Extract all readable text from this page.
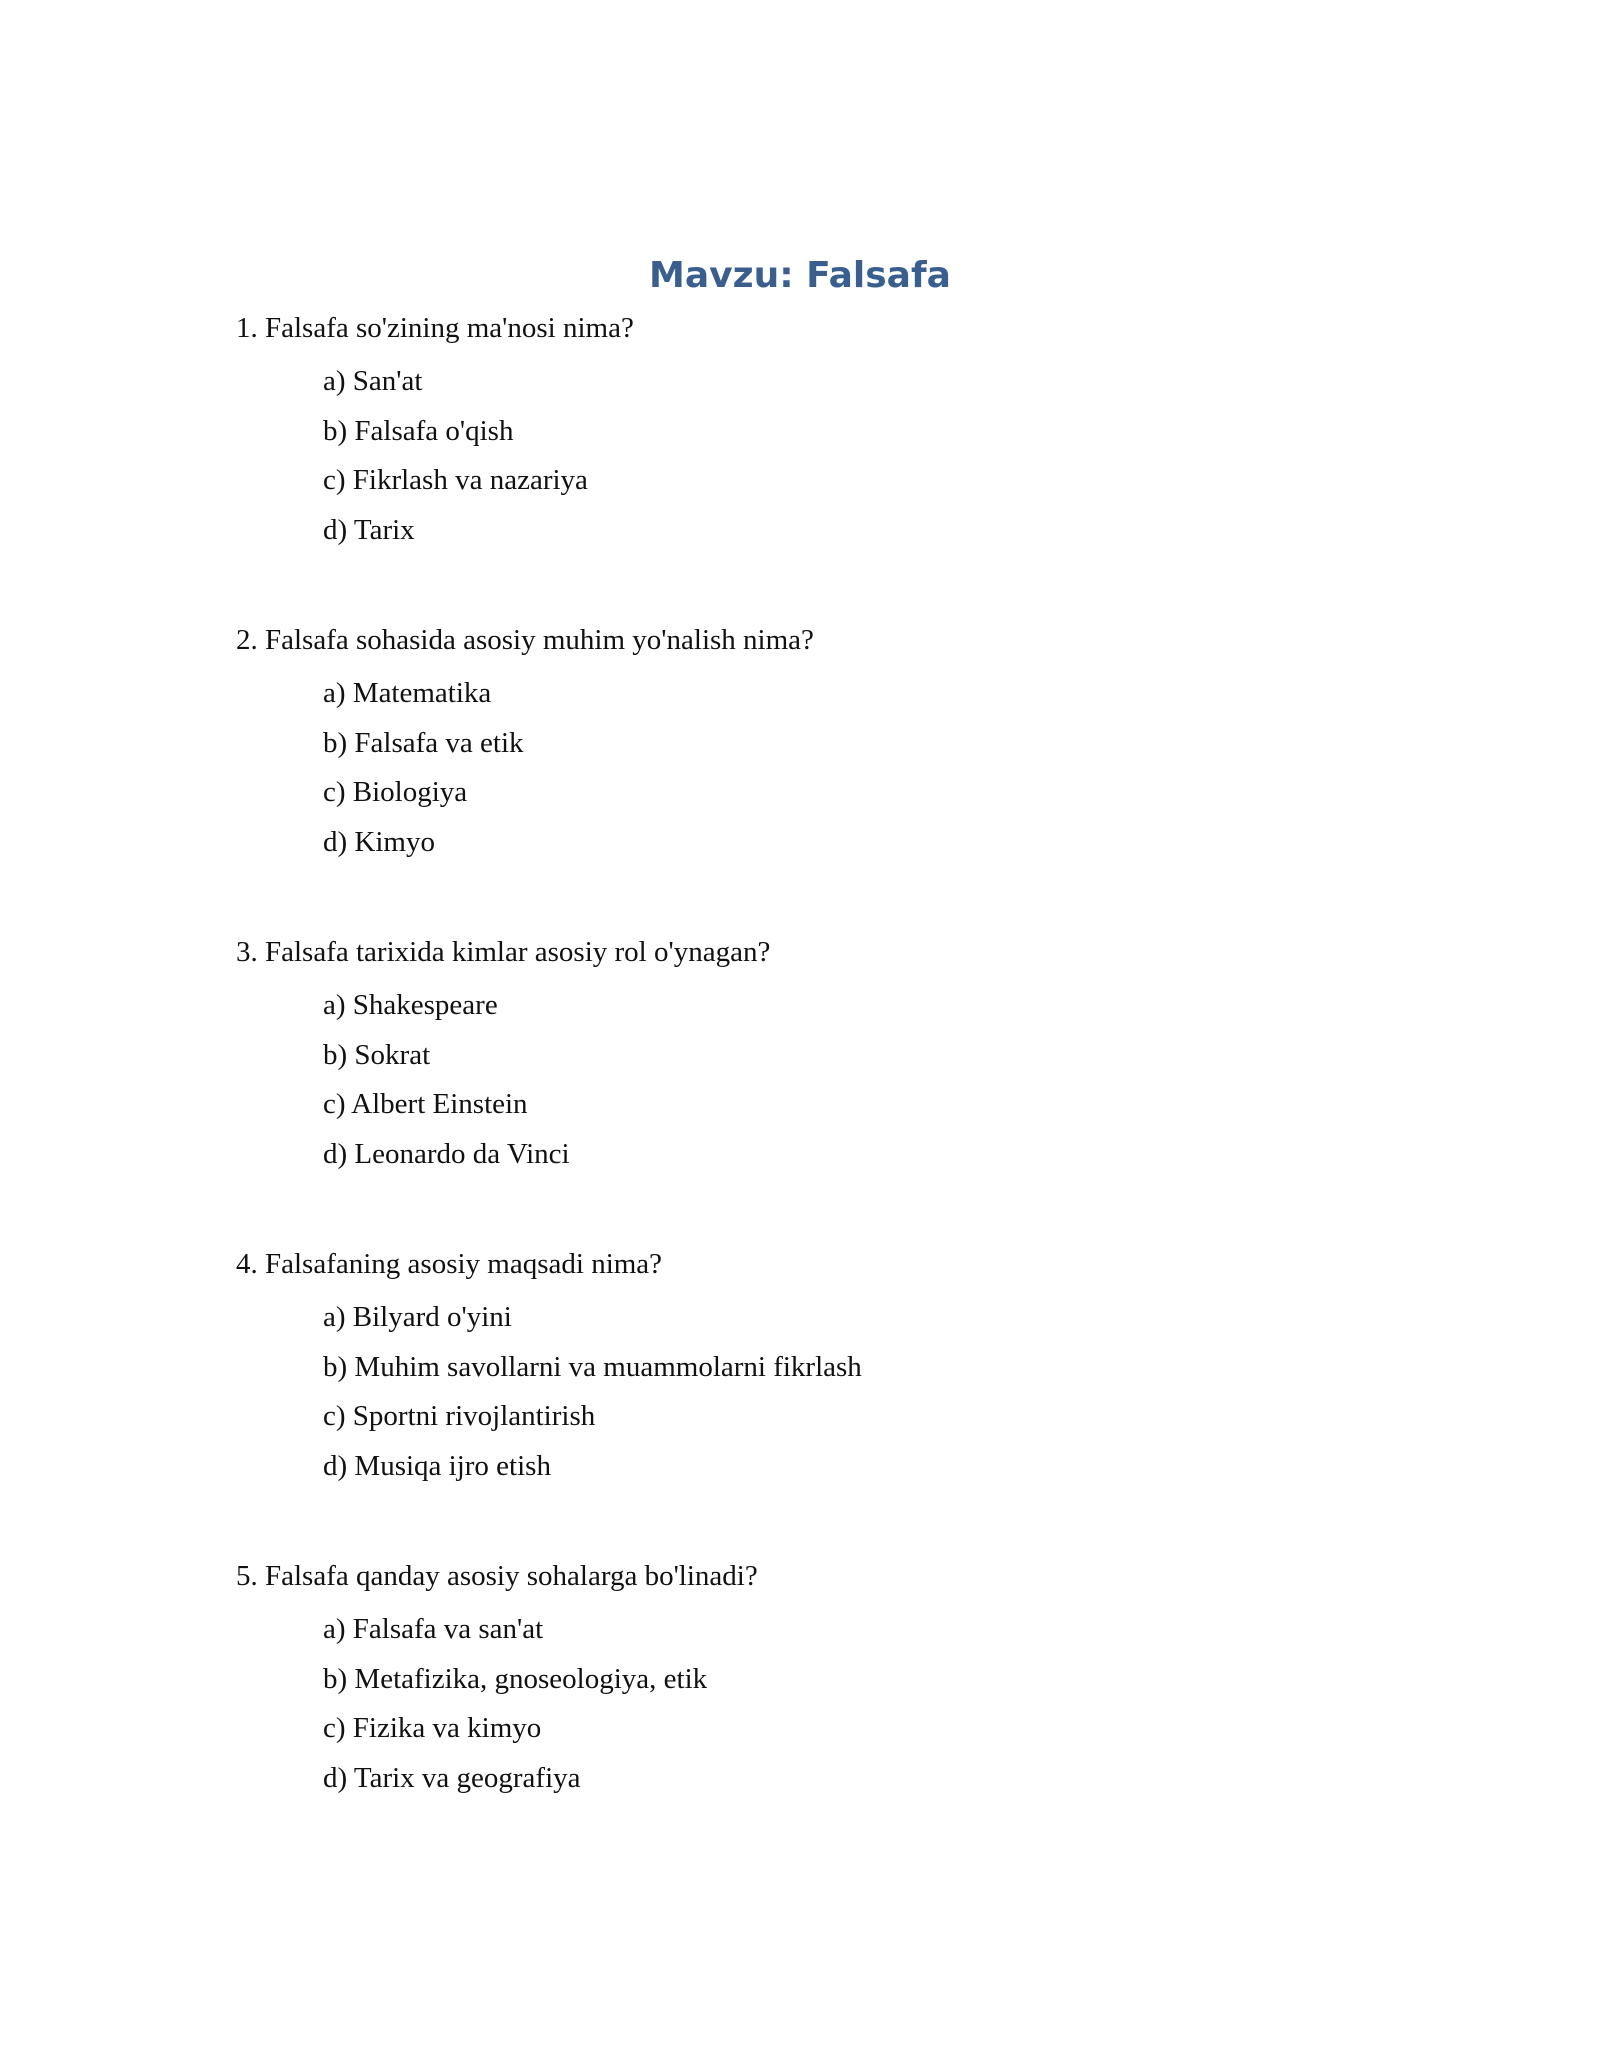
Mavzu: Falsafa
1. Falsafa so'zining ma'nosi nima?
a) San'at
b) Falsafa o'qish
c) Fikrlash va nazariya
d) Tarix
2. Falsafa sohasida asosiy muhim yo'nalish nima?
a) Matematika
b) Falsafa va etik
c) Biologiya
d) Kimyo
3. Falsafa tarixida kimlar asosiy rol o'ynagan?
a) Shakespeare
b) Sokrat
c) Albert Einstein
d) Leonardo da Vinci
4. Falsafaning asosiy maqsadi nima?
a) Bilyard o'yini
b) Muhim savollarni va muammolarni fikrlash
c) Sportni rivojlantirish
d) Musiqa ijro etish
5. Falsafa qanday asosiy sohalarga bo'linadi?
a) Falsafa va san'at
b) Metafizika, gnoseologiya, etik
c) Fizika va kimyo
d) Tarix va geografiya
